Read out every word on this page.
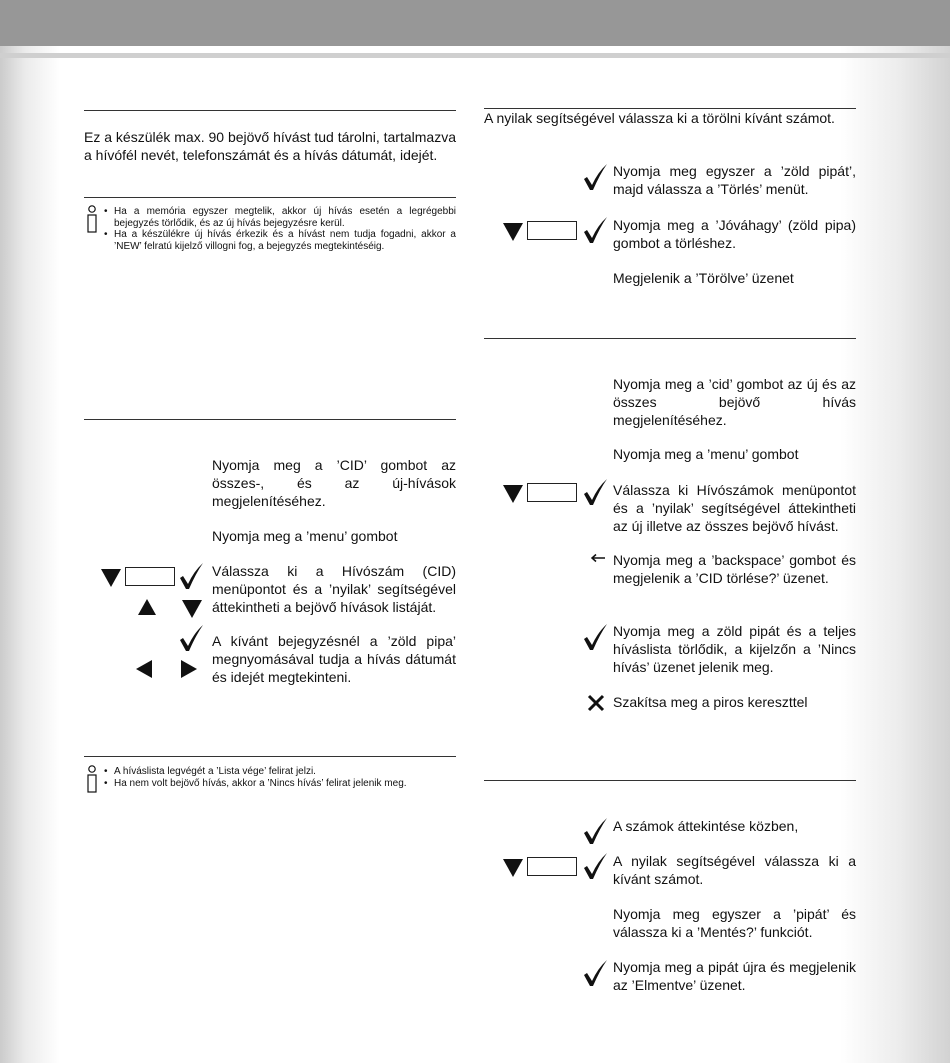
Ez a készülék max. 90 bejövő hívást tud tárolni, tartalmazva a hívófél nevét, telefonszámát és a hívás dátumát, idejét.
• Ha a memória egyszer megtelik, akkor új hívás esetén a legrégebbi bejegyzés törlődik, és az új hívás bejegyzésre kerül.
• Ha a készülékre új hívás érkezik és a hívást nem tudja fogadni, akkor a ’NEW’ felratú kijelző villogni fog, a bejegyzés megtekintéséig.
Nyomja meg a ’CID’ gombot az összes-, és az új-hívások megjelenítéséhez.
Nyomja meg a ’menu’ gombot
Válassza ki a Hívószám (CID) menüpontot és a ’nyilak’ segítségével áttekintheti a bejövő hívások listáját.
A kívánt bejegyzésnél a ’zöld pipa’ megnyomásával tudja a hívás dátumát és idejét megtekinteni.
• A híváslista legvégét a ’Lista vége’ felirat jelzi.
• Ha nem volt bejövő hívás, akkor a ’Nincs hívás’ felirat jelenik meg.
A nyilak segítségével válassza ki a törölni kívánt számot.
Nyomja meg egyszer a ’zöld pipát’, majd válassza a ’Törlés’ menüt.
Nyomja meg a ’Jóváhagy’ (zöld pipa) gombot a törléshez.
Megjelenik a ’Törölve’ üzenet
Nyomja meg a ’cid’ gombot az új és az összes bejövő hívás megjelenítéséhez.
Nyomja meg a ’menu’ gombot
Válassza ki Hívószámok menüpontot és a ’nyilak’ segítségével áttekintheti az új illetve az összes bejövő hívást.
Nyomja meg a ’backspace’ gombot és megjelenik a ’CID törlése?’ üzenet.
Nyomja meg a zöld pipát és a teljes híváslista törlődik, a kijelzőn a ’Nincs hívás’ üzenet jelenik meg.
Szakítsa meg a piros kereszttel
A számok áttekintése közben,
A nyilak segítségével válassza ki a kívánt számot.
Nyomja meg egyszer a ’pipát’ és válassza ki a ’Mentés?’ funkciót.
Nyomja meg a pipát újra és megjelenik az ’Elmentve’ üzenet.
